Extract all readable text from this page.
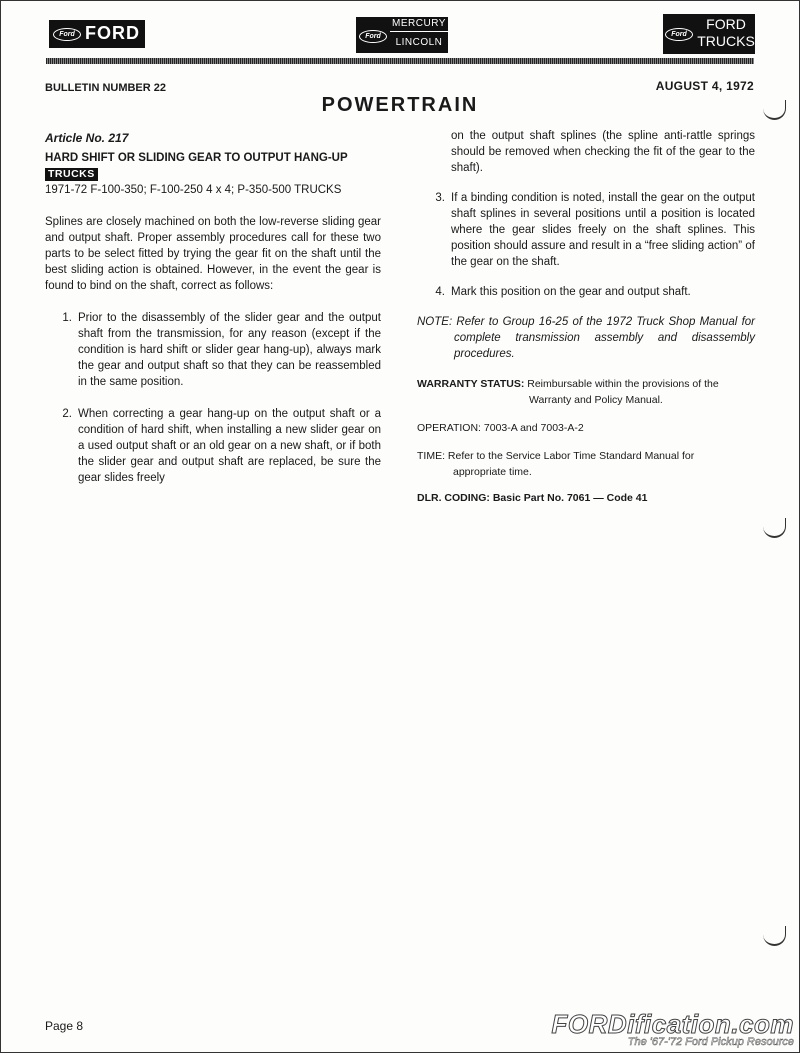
Ford FORD	Ford
MERCURY
LINCOLN
Ford
FORD
TRUCKS
BULLETIN NUMBER 22	AUGUST 4, 1972
POWERTRAIN
Article No. 217
HARD SHIFT OR SLIDING GEAR TO OUTPUT HANG-UP
TRUCKS
1971-72 F-100-350; F-100-250 4 x 4; P-350-500 TRUCKS
Splines are closely machined on both the low-reverse sliding gear and output shaft. Proper assembly procedures call for these two parts to be select fitted by trying the gear fit on the shaft until the best sliding action is obtained. However, in the event the gear is found to bind on the shaft, correct as follows:
1. Prior to the disassembly of the slider gear and the output shaft from the transmission, for any reason (except if the condition is hard shift or slider gear hang-up), always mark the gear and output shaft so that they can be reassembled in the same position.
2. When correcting a gear hang-up on the output shaft or a condition of hard shift, when installing a new slider gear on a used output shaft or an old gear on a new shaft, or if both the slider gear and output shaft are replaced, be sure the gear slides freely
on the output shaft splines (the spline anti-rattle springs should be removed when checking the fit of the gear to the shaft).
3. If a binding condition is noted, install the gear on the output shaft splines in several positions until a position is located where the gear slides freely on the shaft splines. This position should assure and result in a “free sliding action” of the gear on the shaft.
4. Mark this position on the gear and output shaft.
NOTE: Refer to Group 16-25 of the 1972 Truck Shop Manual for complete transmission assembly and disassembly procedures.
WARRANTY STATUS: Reimbursable within the provisions of the
Warranty and Policy Manual.
OPERATION: 7003-A and 7003-A-2
TIME: Refer to the Service Labor Time Standard Manual for
appropriate time.
DLR. CODING: Basic Part No. 7061 — Code 41
Page 8	FORDification.com
The '67-'72 Ford Pickup Resource
